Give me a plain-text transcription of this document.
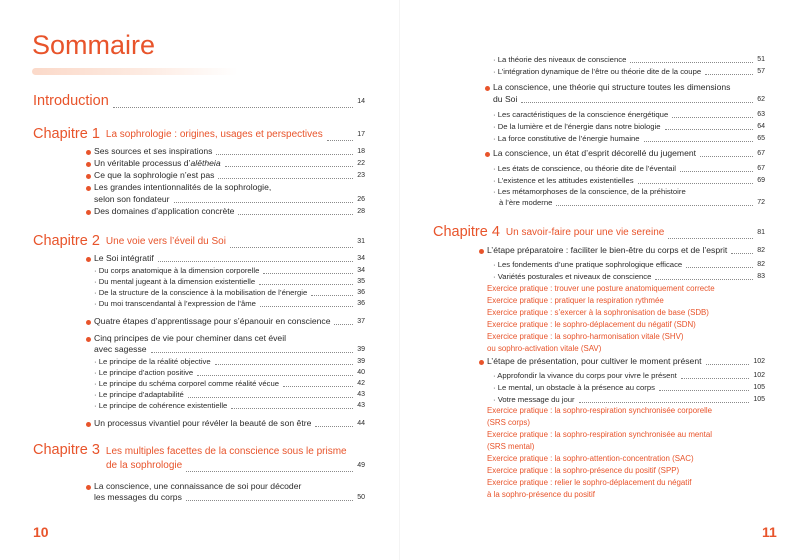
Sommaire
Introduction	14
Chapitre 1 La sophrologie : origines, usages et perspectives	17
Ses sources et ses inspirations	18
Un véritable processus d’alētheia	22
Ce que la sophrologie n’est pas	23
Les grandes intentionnalités de la sophrologie,
selon son fondateur	26
Des domaines d’application concrète	28
Chapitre 2 Une voie vers l’éveil du Soi	31
Le Soi intégratif	34
· Du corps anatomique à la dimension corporelle	34
· Du mental jugeant à la dimension existentielle	35
· De la structure de la conscience à la mobilisation de l’énergie	36
· Du moi transcendantal à l’expression de l’âme	36
Quatre étapes d’apprentissage pour s’épanouir en conscience	37
Cinq principes de vie pour cheminer dans cet éveil
avec sagesse	39
· Le principe de la réalité objective	39
· Le principe d’action positive	40
· Le principe du schéma corporel comme réalité vécue	42
· Le principe d’adaptabilité	43
· Le principe de cohérence existentielle	43
Un processus vivantiel pour révéler la beauté de son être	44
Chapitre 3 Les multiples facettes de la conscience sous le prisme
de la sophrologie	49
La conscience, une connaissance de soi pour décoder
les messages du corps	50
10
· La théorie des niveaux de conscience	51
· L’intégration dynamique de l’être ou théorie dite de la coupe	57
La conscience, une théorie qui structure toutes les dimensions
du Soi	62
· Les caractéristiques de la conscience énergétique	63
· De la lumière et de l’énergie dans notre biologie	64
· La force constitutive de l’énergie humaine	65
La conscience, un état d’esprit décorellé du jugement	67
· Les états de conscience, ou théorie dite de l’éventail	67
· L’existence et les attitudes existentielles	69
· Les métamorphoses de la conscience, de la préhistoire
à l’ère moderne	72
Chapitre 4 Un savoir-faire pour une vie sereine	81
L’étape préparatoire : faciliter le bien-être du corps et de l’esprit	82
· Les fondements d’une pratique sophrologique efficace	82
· Variétés posturales et niveaux de conscience	83
Exercice pratique : trouver une posture anatomiquement correcte
Exercice pratique : pratiquer la respiration rythmée
Exercice pratique : s’exercer à la sophronisation de base (SDB)
Exercice pratique : le sophro-déplacement du négatif (SDN)
Exercice pratique : la sophro-harmonisation vitale (SHV)
ou sophro-activation vitale (SAV)
L’étape de présentation, pour cultiver le moment présent	102
· Approfondir la vivance du corps pour vivre le présent	102
· Le mental, un obstacle à la présence au corps	105
· Votre message du jour	105
Exercice pratique : la sophro-respiration synchronisée corporelle
(SRS corps)
Exercice pratique : la sophro-respiration synchronisée au mental
(SRS mental)
Exercice pratique : la sophro-attention-concentration (SAC)
Exercice pratique : la sophro-présence du positif (SPP)
Exercice pratique : relier le sophro-déplacement du négatif
à la sophro-présence du positif
11
